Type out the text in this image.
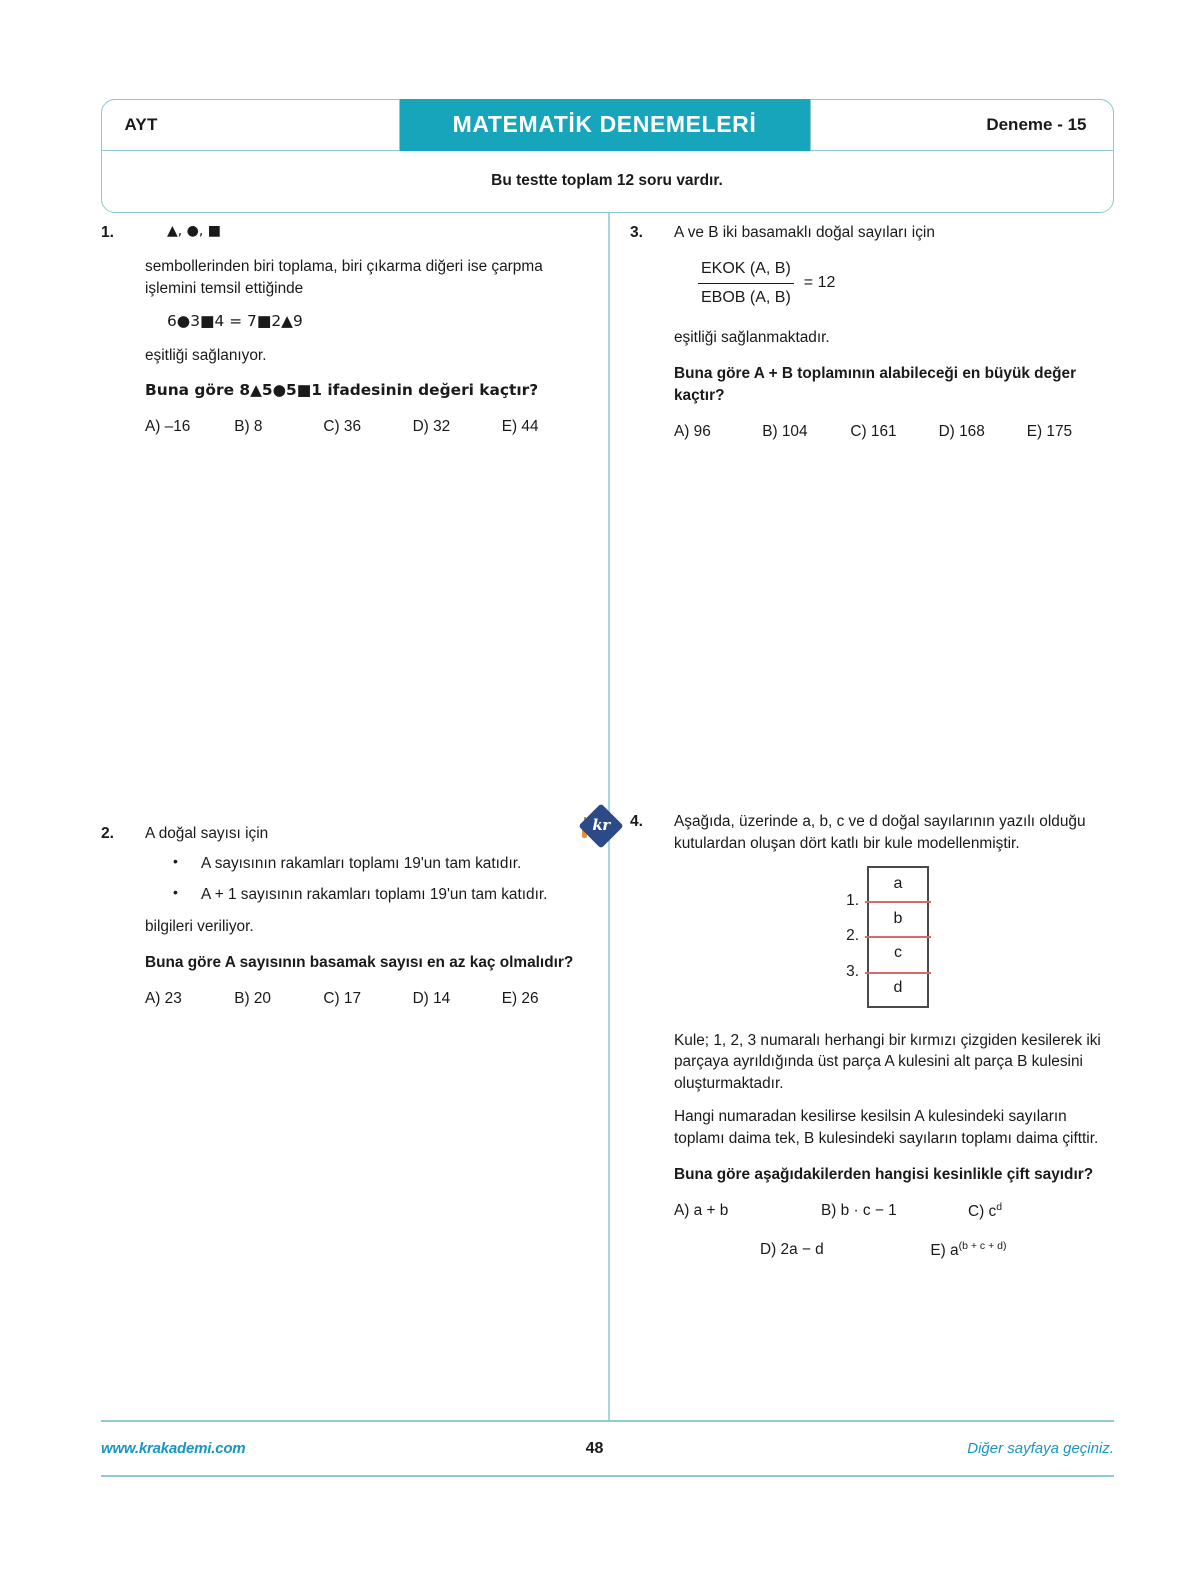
AYT	MATEMATİK DENEMELERİ	Deneme - 15
Bu testte toplam 12 soru vardır.
1.	▲, ●, ■

sembollerinden biri toplama, biri çıkarma diğeri ise çarpma işlemini temsil ettiğinde

6●3■4 = 7■2▲9

eşitliği sağlanıyor.

Buna göre 8▲5●5■1 ifadesinin değeri kaçtır?

A) –16	B) 8	C) 36	D) 32	E) 44
2. A doğal sayısı için

• A sayısının rakamları toplamı 19'un tam katıdır.
• A + 1 sayısının rakamları toplamı 19'un tam katıdır.

bilgileri veriliyor.

Buna göre A sayısının basamak sayısı en az kaç olmalıdır?

A) 23	B) 20	C) 17	D) 14	E) 26
3. A ve B iki basamaklı doğal sayıları için

$\frac{\text{EKOK (A, B)}}{\text{EBOB (A, B)}} = 12$

eşitliği sağlanmaktadır.

Buna göre A + B toplamının alabileceği en büyük değer kaçtır?

A) 96	B) 104	C) 161	D) 168	E) 175
kr	4. Aşağıda, üzerinde a, b, c ve d doğal sayılarının yazılı olduğu kutulardan oluşan dört katlı bir kule modellenmiştir.

a
b
c
d
1.
2.
3.

Kule; 1, 2, 3 numaralı herhangi bir kırmızı çizgiden kesilerek iki parçaya ayrıldığında üst parça A kulesini alt parça B kulesini oluşturmaktadır.

Hangi numaradan kesilirse kesilsin A kulesindeki sayıların toplamı daima tek, B kulesindeki sayıların toplamı daima çifttir.

Buna göre aşağıdakilerden hangisi kesinlikle çift sayıdır?

A) a + b	B) b · c − 1	C) $c^d$
D) 2a − d	E) $a^{(b + c + d)}$
www.krakademi.com	48	Diğer sayfaya geçiniz.
